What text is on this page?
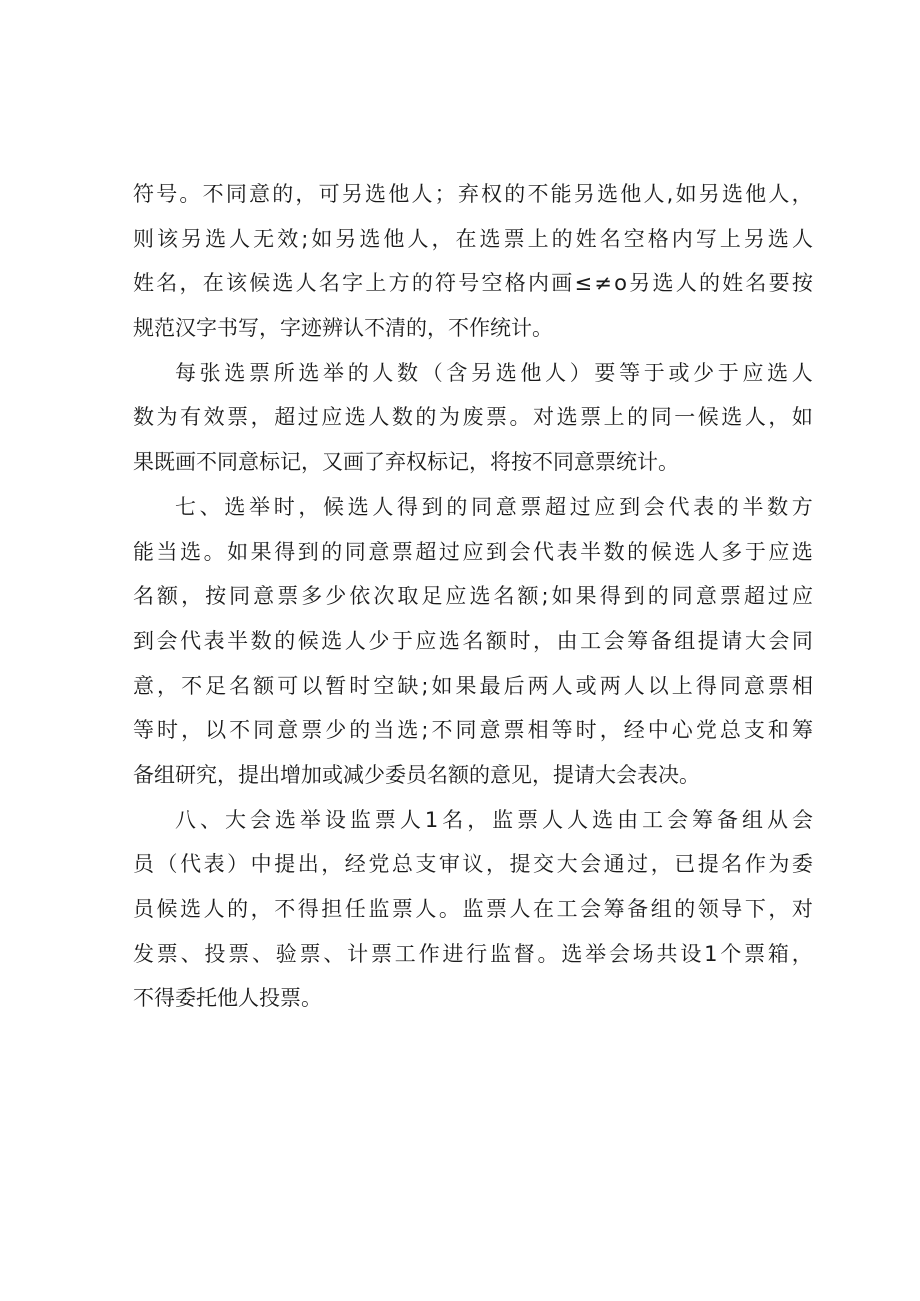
符 号 。 不 同 意 的 ， 可 另 选 他 人 ； 弃 权 的 不 能 另 选 他 人 , 如 另 选 他 人 ，
则 该 另 选 人 无 效 ; 如 另 选 他 人 ， 在 选 票 上 的 姓 名 空 格 内 写 上 另 选 人
姓 名 ， 在 该 候 选 人 名 字 上 方 的 符 号 空 格 内 画 ≤ ≠ o 另 选 人 的 姓 名 要 按
规范汉字书写，字迹辨认不清的，不作统计。
每 张 选 票 所 选 举 的 人 数 （ 含 另 选 他 人 ） 要 等 于 或 少 于 应 选 人
数 为 有 效 票 ， 超 过 应 选 人 数 的 为 废 票 。 对 选 票 上 的 同 一 候 选 人 ， 如
果既画不同意标记，又画了弃权标记，将按不同意票统计。
七 、 选 举 时 ， 候 选 人 得 到 的 同 意 票 超 过 应 到 会 代 表 的 半 数 方
能 当 选 。 如 果 得 到 的 同 意 票 超 过 应 到 会 代 表 半 数 的 候 选 人 多 于 应 选
名 额 ， 按 同 意 票 多 少 依 次 取 足 应 选 名 额 ; 如 果 得 到 的 同 意 票 超 过 应
到 会 代 表 半 数 的 候 选 人 少 于 应 选 名 额 时 ， 由 工 会 筹 备 组 提 请 大 会 同
意 ， 不 足 名 额 可 以 暂 时 空 缺 ; 如 果 最 后 两 人 或 两 人 以 上 得 同 意 票 相
等 时 ， 以 不 同 意 票 少 的 当 选 ; 不 同 意 票 相 等 时 ， 经 中 心 党 总 支 和 筹
备组研究，提出增加或减少委员名额的意见，提请大会表决。
八 、 大 会 选 举 设 监 票 人 1 名 ， 监 票 人 人 选 由 工 会 筹 备 组 从 会
员 （ 代 表 ） 中 提 出 ， 经 党 总 支 审 议 ， 提 交 大 会 通 过 ， 已 提 名 作 为 委
员 候 选 人 的 ， 不 得 担 任 监 票 人 。 监 票 人 在 工 会 筹 备 组 的 领 导 下 ， 对
发 票 、 投 票 、 验 票 、 计 票 工 作 进 行 监 督 。 选 举 会 场 共 设 1 个 票 箱 ，
不得委托他人投票。
